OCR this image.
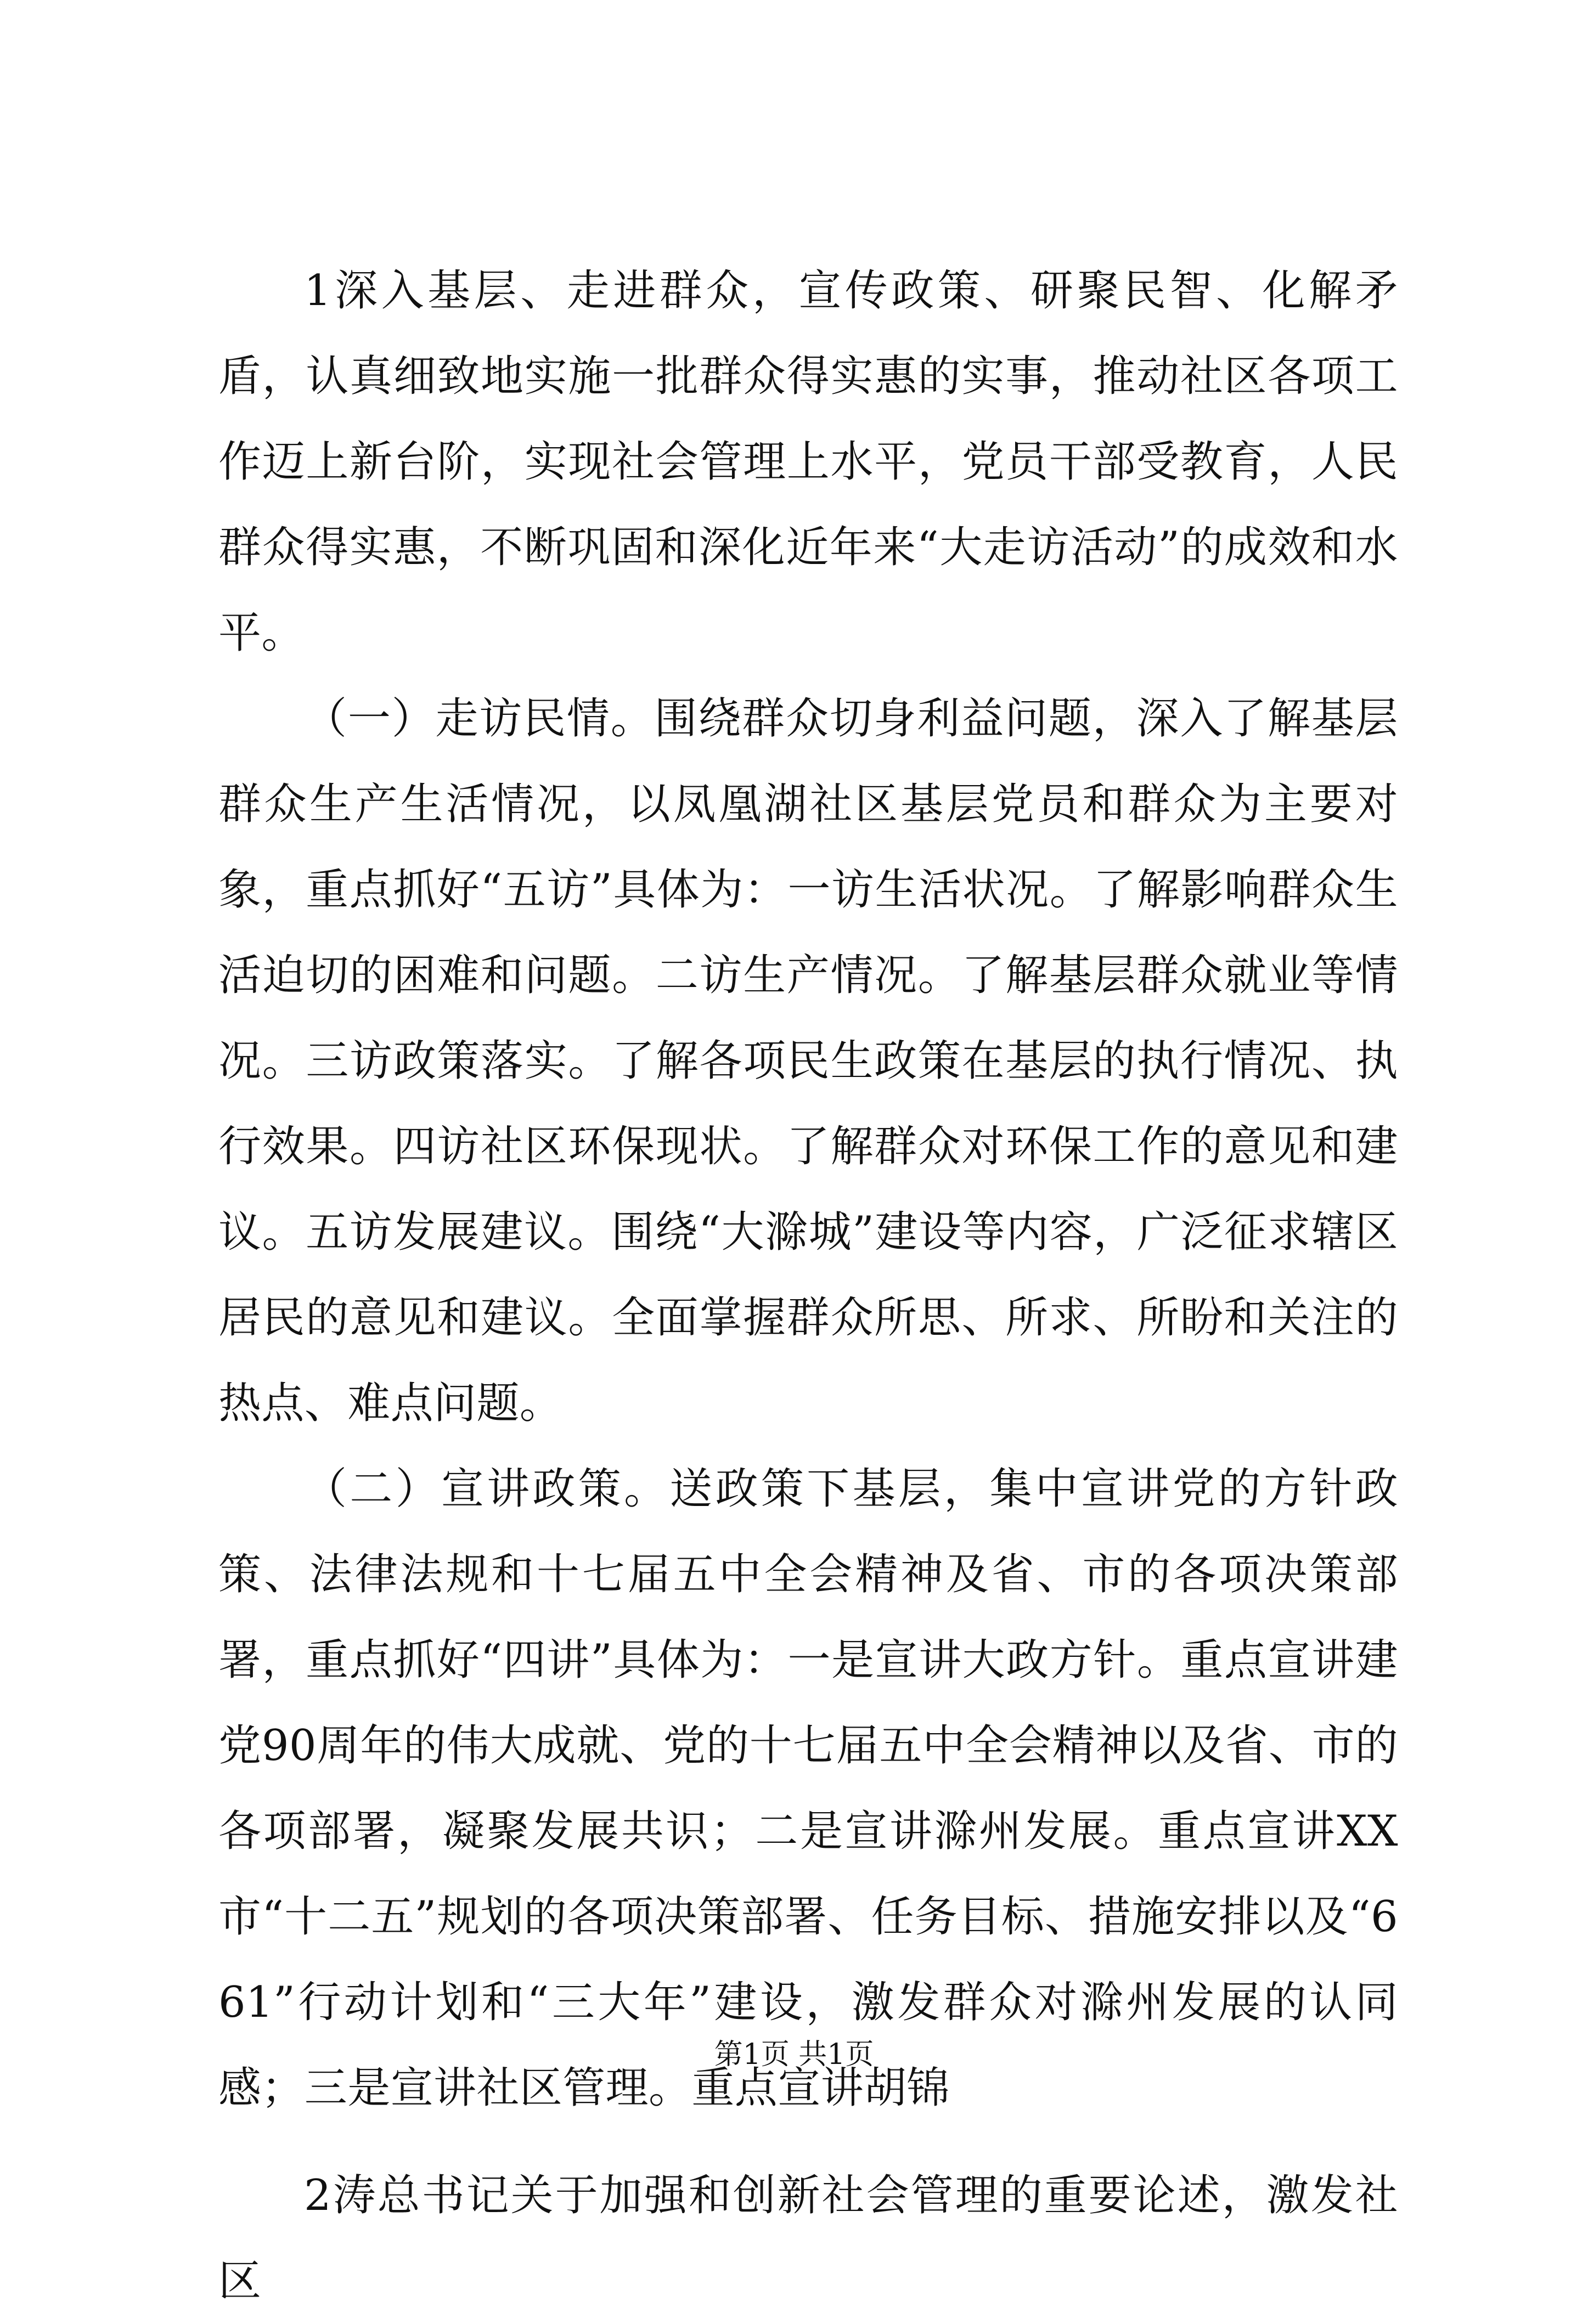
1深入基层、走进群众，宣传政策、研聚民智、化解矛盾，认真细致地实施一批群众得实惠的实事，推动社区各项工作迈上新台阶，实现社会管理上水平，党员干部受教育，人民群众得实惠，不断巩固和深化近年来“大走访活动”的成效和水平。

（一）走访民情。围绕群众切身利益问题，深入了解基层群众生产生活情况，以凤凰湖社区基层党员和群众为主要对象，重点抓好“五访”具体为：一访生活状况。了解影响群众生活迫切的困难和问题。二访生产情况。了解基层群众就业等情况。三访政策落实。了解各项民生政策在基层的执行情况、执行效果。四访社区环保现状。了解群众对环保工作的意见和建议。五访发展建议。围绕“大滁城”建设等内容，广泛征求辖区居民的意见和建议。全面掌握群众所思、所求、所盼和关注的热点、难点问题。

（二）宣讲政策。送政策下基层，集中宣讲党的方针政策、法律法规和十七届五中全会精神及省、市的各项决策部署，重点抓好“四讲”具体为：一是宣讲大政方针。重点宣讲建党90周年的伟大成就、党的十七届五中全会精神以及省、市的各项部署，凝聚发展共识；二是宣讲滁州发展。重点宣讲XX市“十二五”规划的各项决策部署、任务目标、措施安排以及“661”行动计划和“三大年”建设，激发群众对滁州发展的认同感；三是宣讲社区管理。重点宣讲胡锦

2涛总书记关于加强和创新社会管理的重要论述，激发社区

第1页 共1页
